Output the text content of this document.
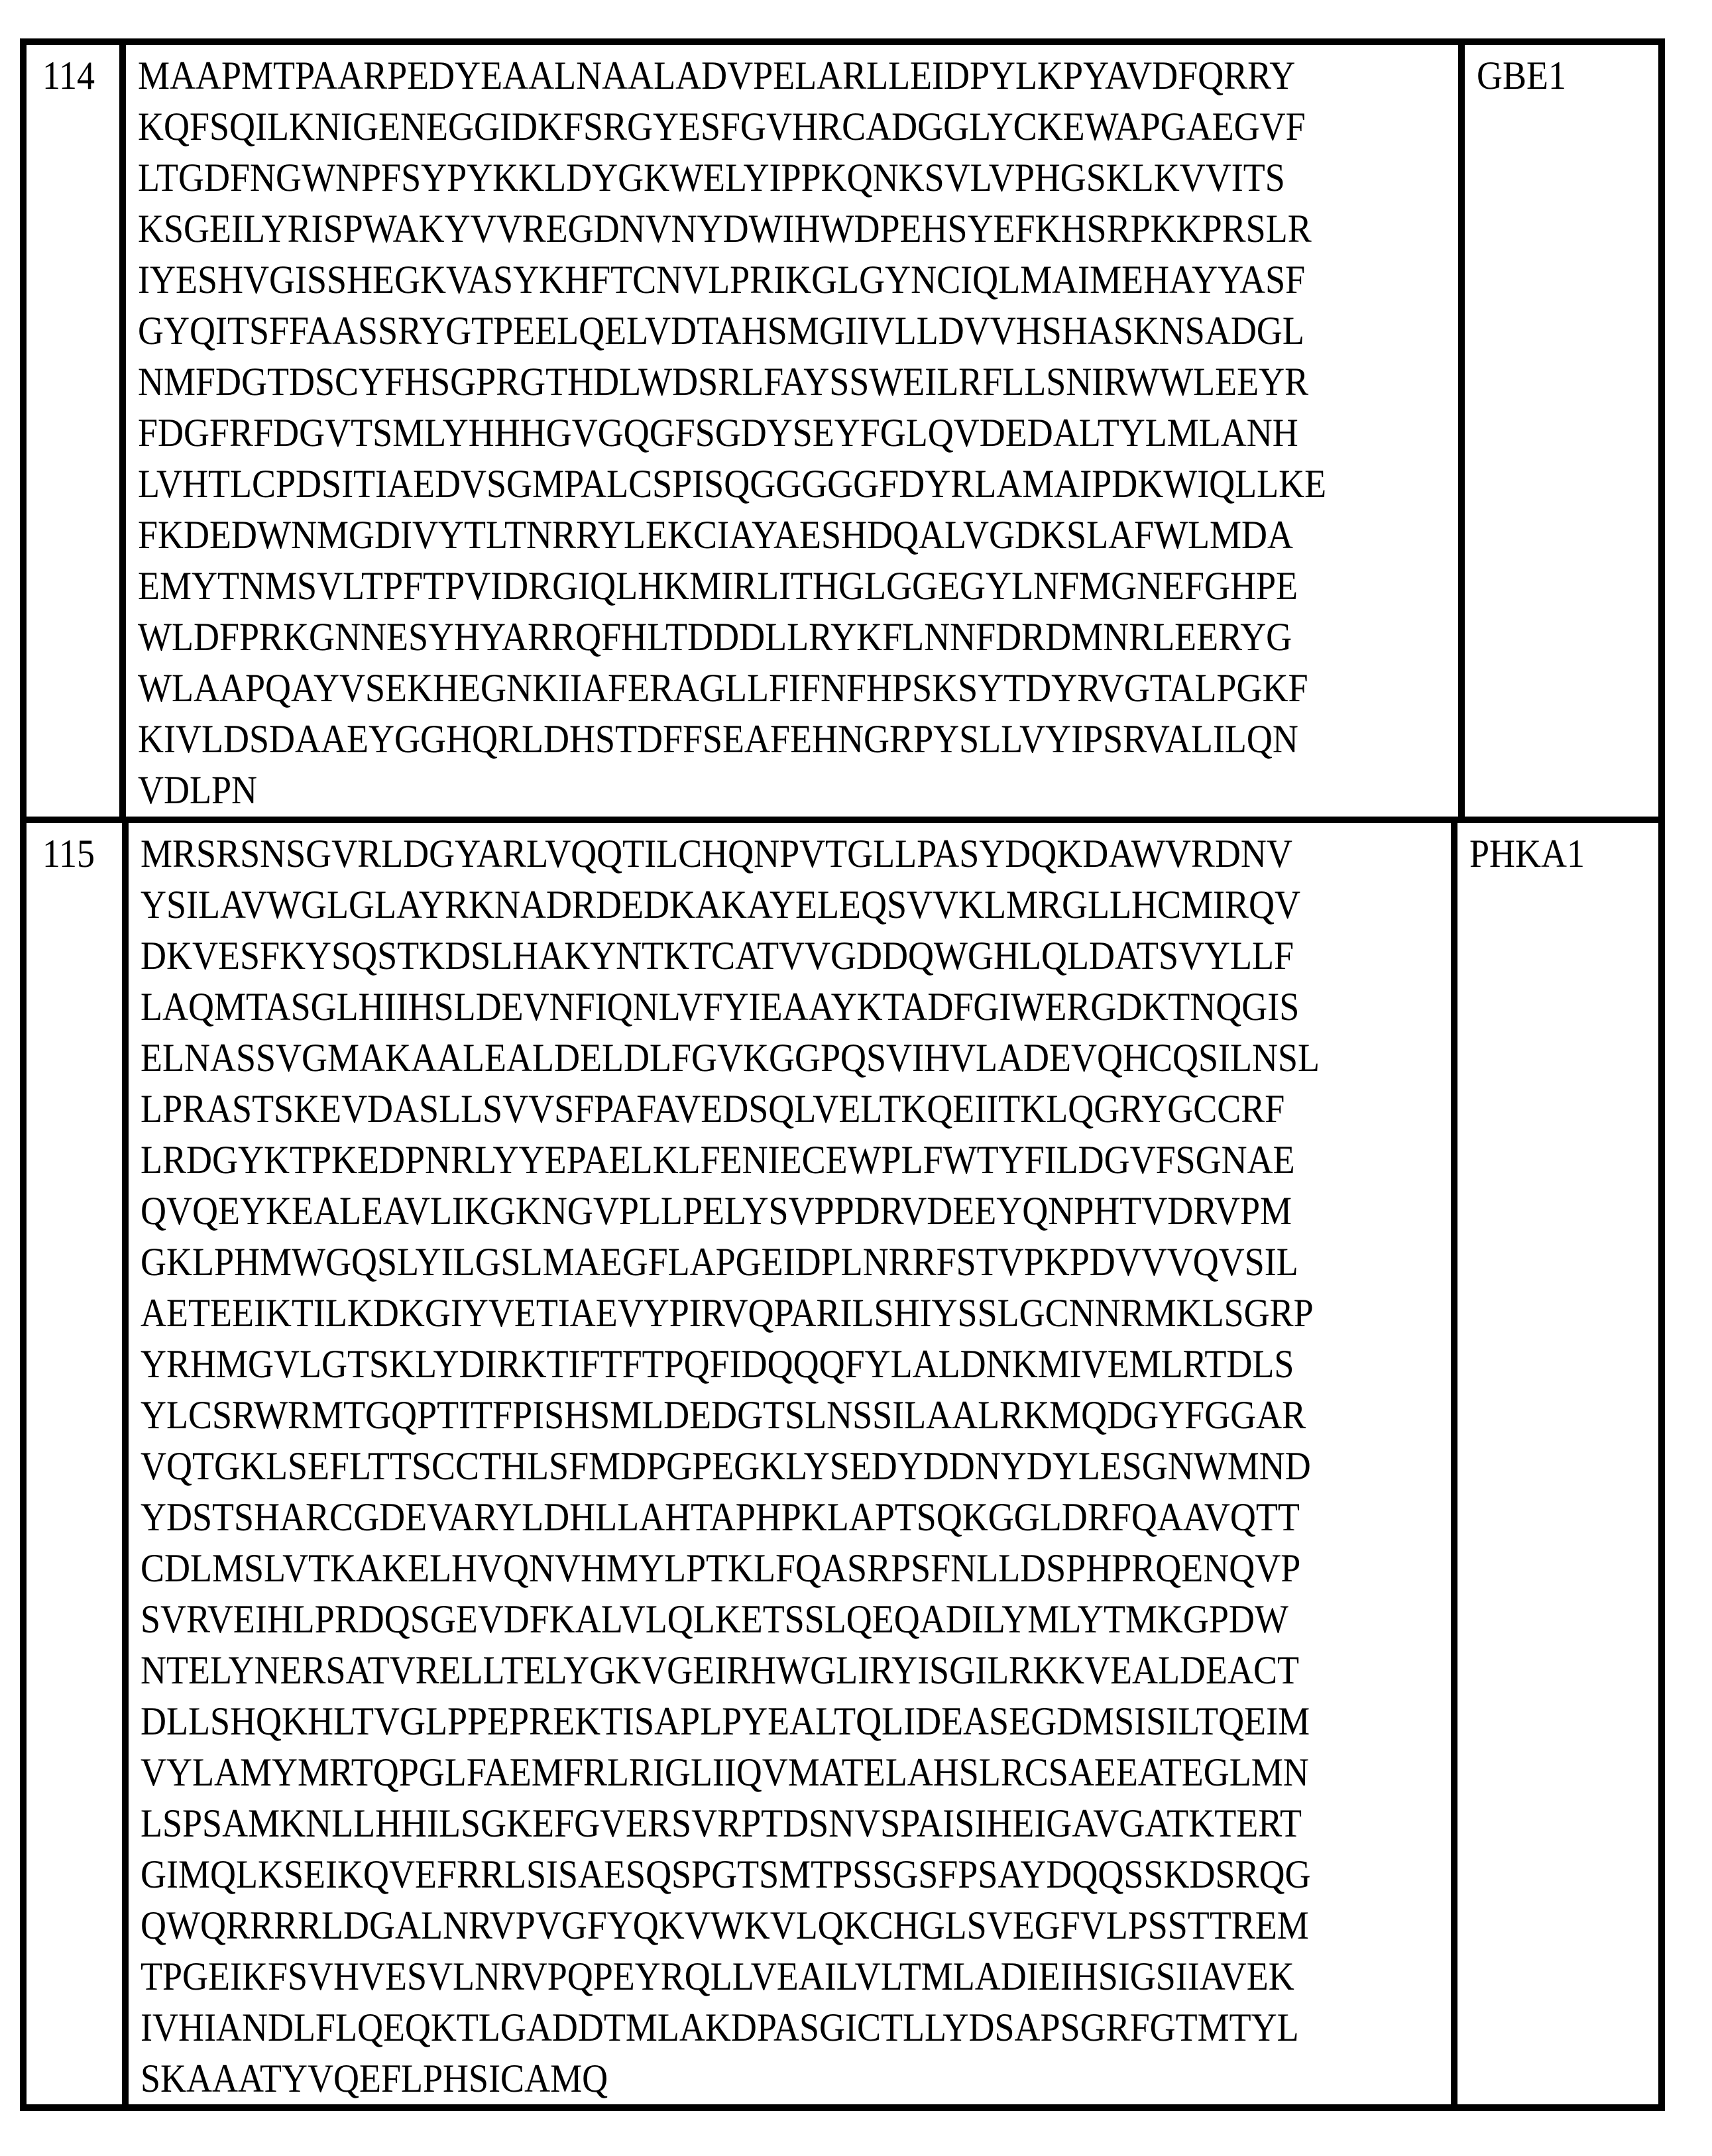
114	MAAPMTPAARPEDYEAALNAALADVPELARLLEIDPYLKPYAVDFQRRY
KQFSQILKNIGENEGGIDKFSRGYESFGVHRCADGGLYCKEWAPGAEGVF
LTGDFNGWNPFSYPYKKLDYGKWELYIPPKQNKSVLVPHGSKLKVVITS
KSGEILYRISPWAKYVVREGDNVNYDWIHWDPEHSYEFKHSRPKKPRSLR
IYESHVGISSHEGKVASYKHFTCNVLPRIKGLGYNCIQLMAIMEHAYYASF
GYQITSFFAASSRYGTPEELQELVDTAHSMGIIVLLDVVHSHASKNSADGL
NMFDGTDSCYFHSGPRGTHDLWDSRLFAYSSWEILRFLLSNIRWWLEEYR
FDGFRFDGVTSMLYHHHGVGQGFSGDYSEYFGLQVDEDALTYLMLANH
LVHTLCPDSITIAEDVSGMPALCSPISQGGGGGFDYRLAMAIPDKWIQLLKE
FKDEDWNMGDIVYTLTNRRYLEKCIAYAESHDQALVGDKSLAFWLMDA
EMYTNMSVLTPFTPVIDRGIQLHKMIRLITHGLGGEGYLNFMGNEFGHPE
WLDFPRKGNNESYHYARRQFHLTDDDLLRYKFLNNFDRDMNRLEERYG
WLAAPQAYVSEKHEGNKIIAFERAGLLFIFNFHPSKSYTDYRVGTALPGKF
KIVLDSDAAEYGGHQRLDHSTDFFSEAFEHNGRPYSLLVYIPSRVALILQN
VDLPN
GBE1
115	MRSRSNSGVRLDGYARLVQQTILCHQNPVTGLLPASYDQKDAWVRDNV
YSILAVWGLGLAYRKNADRDEDKAKAYELEQSVVKLMRGLLHCMIRQV
DKVESFKYSQSTKDSLHAKYNTKTCATVVGDDQWGHLQLDATSVYLLF
LAQMTASGLHIIHSLDEVNFIQNLVFYIEAAYKTADFGIWERGDKTNQGIS
ELNASSVGMAKAALEALDELDLFGVKGGPQSVIHVLADEVQHCQSILNSL
LPRASTSKEVDASLLSVVSFPAFAVEDSQLVELTKQEIITKLQGRYGCCRF
LRDGYKTPKEDPNRLYYEPAELKLFENIECEWPLFWTYFILDGVFSGNAE
QVQEYKEALEAVLIKGKNGVPLLPELYSVPPDRVDEEYQNPHTVDRVPM
GKLPHMWGQSLYILGSLMAEGFLAPGEIDPLNRRFSTVPKPDVVVQVSIL
AETEEIKTILKDKGIYVETIAEVYPIRVQPARILSHIYSSLGCNNRMKLSGRP
YRHMGVLGTSKLYDIRKTIFTFTPQFIDQQQFYLALDNKMIVEMLRTDLS
YLCSRWRMTGQPTITFPISHSMLDEDGTSLNSSILAALRKMQDGYFGGAR
VQTGKLSEFLTTSCCTHLSFMDPGPEGKLYSEDYDDNYDYLESGNWMND
YDSTSHARCGDEVARYLDHLLAHTAPHPKLAPTSQKGGLDRFQAAVQTT
CDLMSLVTKAKELHVQNVHMYLPTKLFQASRPSFNLLDSPHPRQENQVP
SVRVEIHLPRDQSGEVDFKALVLQLKETSSLQEQADILYMLYTMKGPDW
NTELYNERSATVRELLTELYGKVGEIRHWGLIRYISGILRKKVEALDEACT
DLLSHQKHLTVGLPPEPREKTISAPLPYEALTQLIDEASEGDMSISILTQEIM
VYLAMYMRTQPGLFAEMFRLRIGLIIQVMATELAHSLRCSAEEATEGLMN
LSPSAMKNLLHHILSGKEFGVERSVRPTDSNVSPAISIHEIGAVGATKTERT
GIMQLKSEIKQVEFRRLSISAESQSPGTSMTPSSGSFPSAYDQQSSKDSRQG
QWQRRRRLDGALNRVPVGFYQKVWKVLQKCHGLSVEGFVLPSSTTREM
TPGEIKFSVHVESVLNRVPQPEYRQLLVEAILVLTMLADIEIHSIGSIIAVEK
IVHIANDLFLQEQKTLGADDTMLAKDPASGICTLLYDSAPSGRFGTMTYL
SKAAATYVQEFLPHSICAMQ
PHKA1
